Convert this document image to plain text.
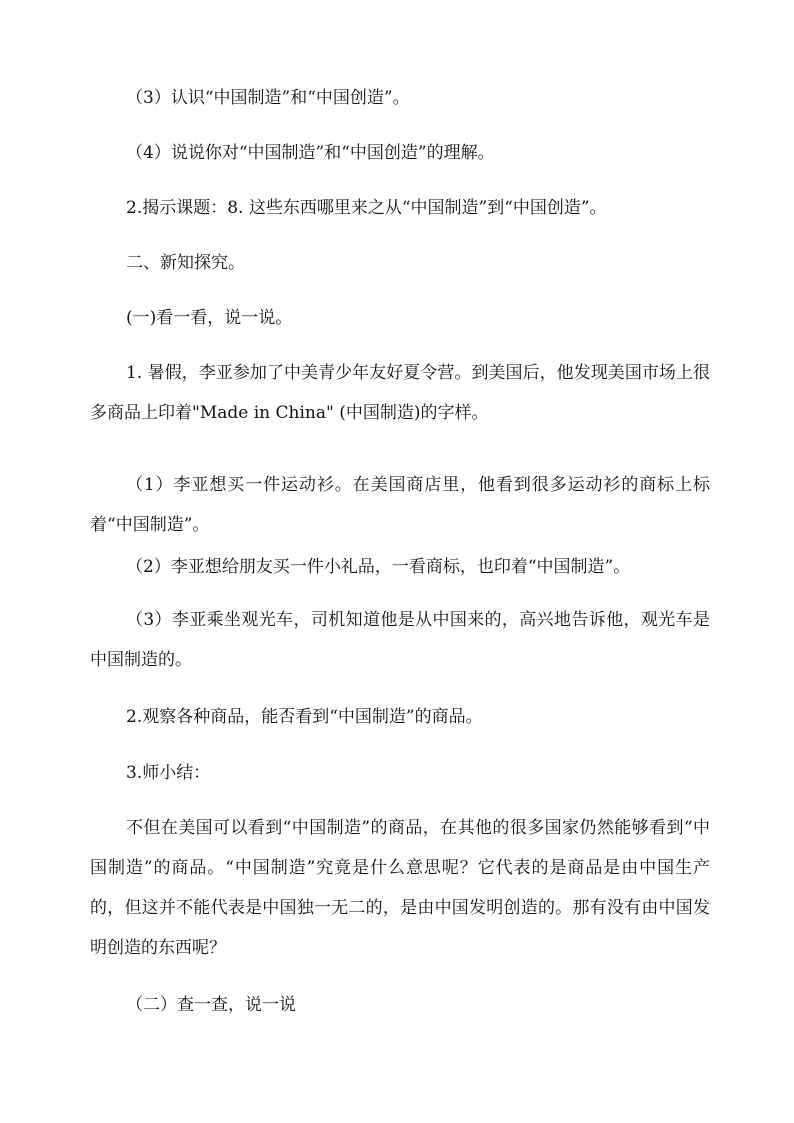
（3）认识“中国制造”和“中国创造”。

（4）说说你对“中国制造”和“中国创造”的理解。

2.揭示课题：8. 这些东西哪里来之从“中国制造”到“中国创造”。

二、新知探究。

(一)看一看，说一说。

1. 暑假，李亚参加了中美青少年友好夏令营。到美国后，他发现美国市场上很多商品上印着"Made in China" (中国制造)的字样。

（1）李亚想买一件运动衫。在美国商店里，他看到很多运动衫的商标上标着“中国制造”。

（2）李亚想给朋友买一件小礼品，一看商标，也印着“中国制造”。

（3）李亚乘坐观光车，司机知道他是从中国来的，高兴地告诉他，观光车是中国制造的。

2.观察各种商品，能否看到“中国制造”的商品。

3.师小结：

不但在美国可以看到“中国制造”的商品，在其他的很多国家仍然能够看到“中国制造”的商品。“中国制造”究竟是什么意思呢？它代表的是商品是由中国生产的，但这并不能代表是中国独一无二的，是由中国发明创造的。那有没有由中国发明创造的东西呢？

（二）查一查，说一说
